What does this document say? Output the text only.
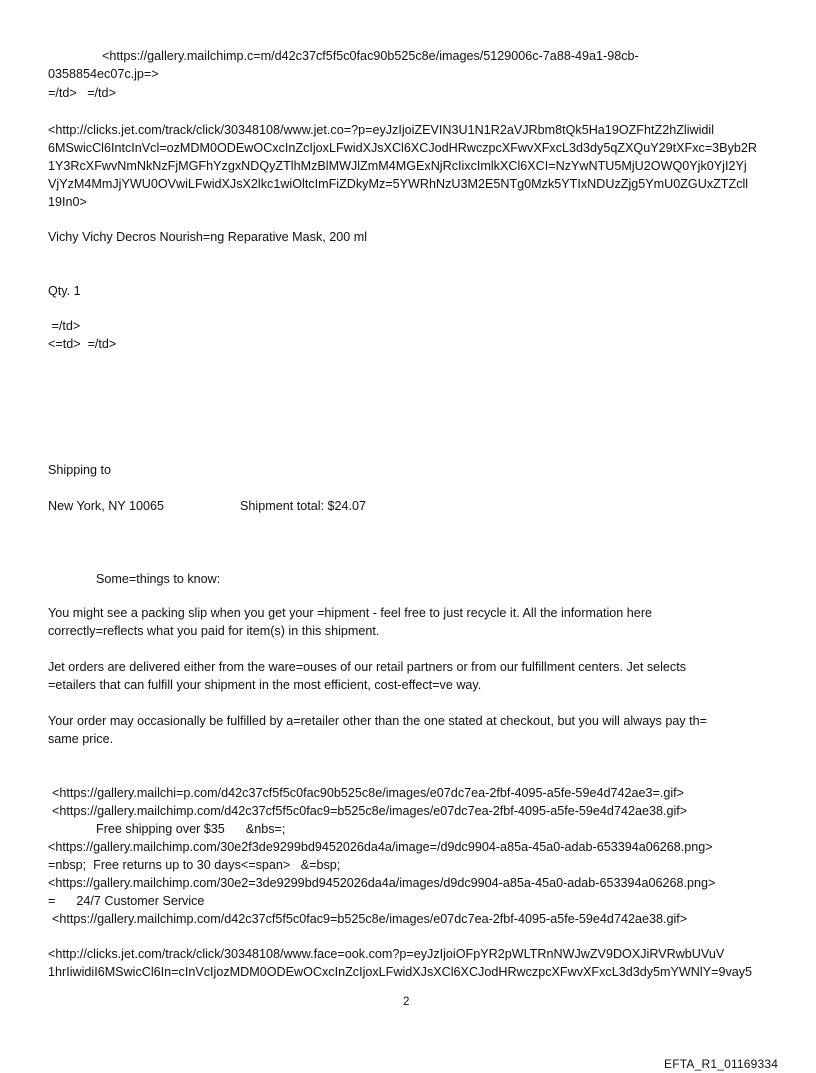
<https://gallery.mailchimp.c=m/d42c37cf5f5c0fac90b525c8e/images/5129006c-7a88-49a1-98cb-
0358854ec07c.jp=>
=/td>   =/td>
<http://clicks.jet.com/track/click/30348108/www.jet.co=?p=eyJzIjoiZEVIN3U1N1R2aVJRbm8tQk5Ha19OZFhtZ2hZliwidil
6MSwicCl6IntcInVcl=ozMDM0ODEwOCxcInZcIjoxLFwidXJsXCl6XCJodHRwczpcXFwvXFxcL3d3dy5qZXQuY29tXFxc=3Byb2R
1Y3RcXFwvNmNkNzFjMGFhYzgxNDQyZTlhMzBlMWJlZmM4MGExNjRcIixcImlkXCl6XCI=NzYwNTU5MjU2OWQ0Yjk0YjI2Yj
VjYzM4MmJjYWU0OVwiLFwidXJsX2lkc1wiOltcImFiZDkyMz=5YWRhNzU3M2E5NTg0Mzk5YTIxNDUzZjg5YmU0ZGUxZTZcll
19In0>
Vichy Vichy Decros Nourish=ng Reparative Mask, 200 ml
Qty. 1
=/td>
<=td>  =/td>
Shipping to
New York, NY 10065	Shipment total: $24.07
Some=things to know:
You might see a packing slip when you get your =hipment - feel free to just recycle it. All the information here
correctly=reflects what you paid for item(s) in this shipment.
Jet orders are delivered either from the ware=ouses of our retail partners or from our fulfillment centers. Jet selects
=etailers that can fulfill your shipment in the most efficient, cost-effect=ve way.
Your order may occasionally be fulfilled by a=retailer other than the one stated at checkout, but you will always pay th=
same price.
<https://gallery.mailchi=p.com/d42c37cf5f5c0fac90b525c8e/images/e07dc7ea-2fbf-4095-a5fe-59e4d742ae3=.gif>
<https://gallery.mailchimp.com/d42c37cf5f5c0fac9=b525c8e/images/e07dc7ea-2fbf-4095-a5fe-59e4d742ae38.gif>
Free shipping over $35      &nbs=;
<https://gallery.mailchimp.com/30e2f3de9299bd9452026da4a/image=/d9dc9904-a85a-45a0-adab-653394a06268.png>
=nbsp;  Free returns up to 30 days<=span>   &=bsp;
<https://gallery.mailchimp.com/30e2=3de9299bd9452026da4a/images/d9dc9904-a85a-45a0-adab-653394a06268.png>
=      24/7 Customer Service
<https://gallery.mailchimp.com/d42c37cf5f5c0fac9=b525c8e/images/e07dc7ea-2fbf-4095-a5fe-59e4d742ae38.gif>
<http://clicks.jet.com/track/click/30348108/www.face=ook.com?p=eyJzIjoiOFpYR2pWLTRnNWJwZV9DOXJiRVRwbUVuV
1hrIiwidiI6MSwicCl6In=cInVcIjozMDM0ODEwOCxcInZcIjoxLFwidXJsXCl6XCJodHRwczpcXFwvXFxcL3d3dy5mYWNlY=9vay5
2
EFTA_R1_01169334
